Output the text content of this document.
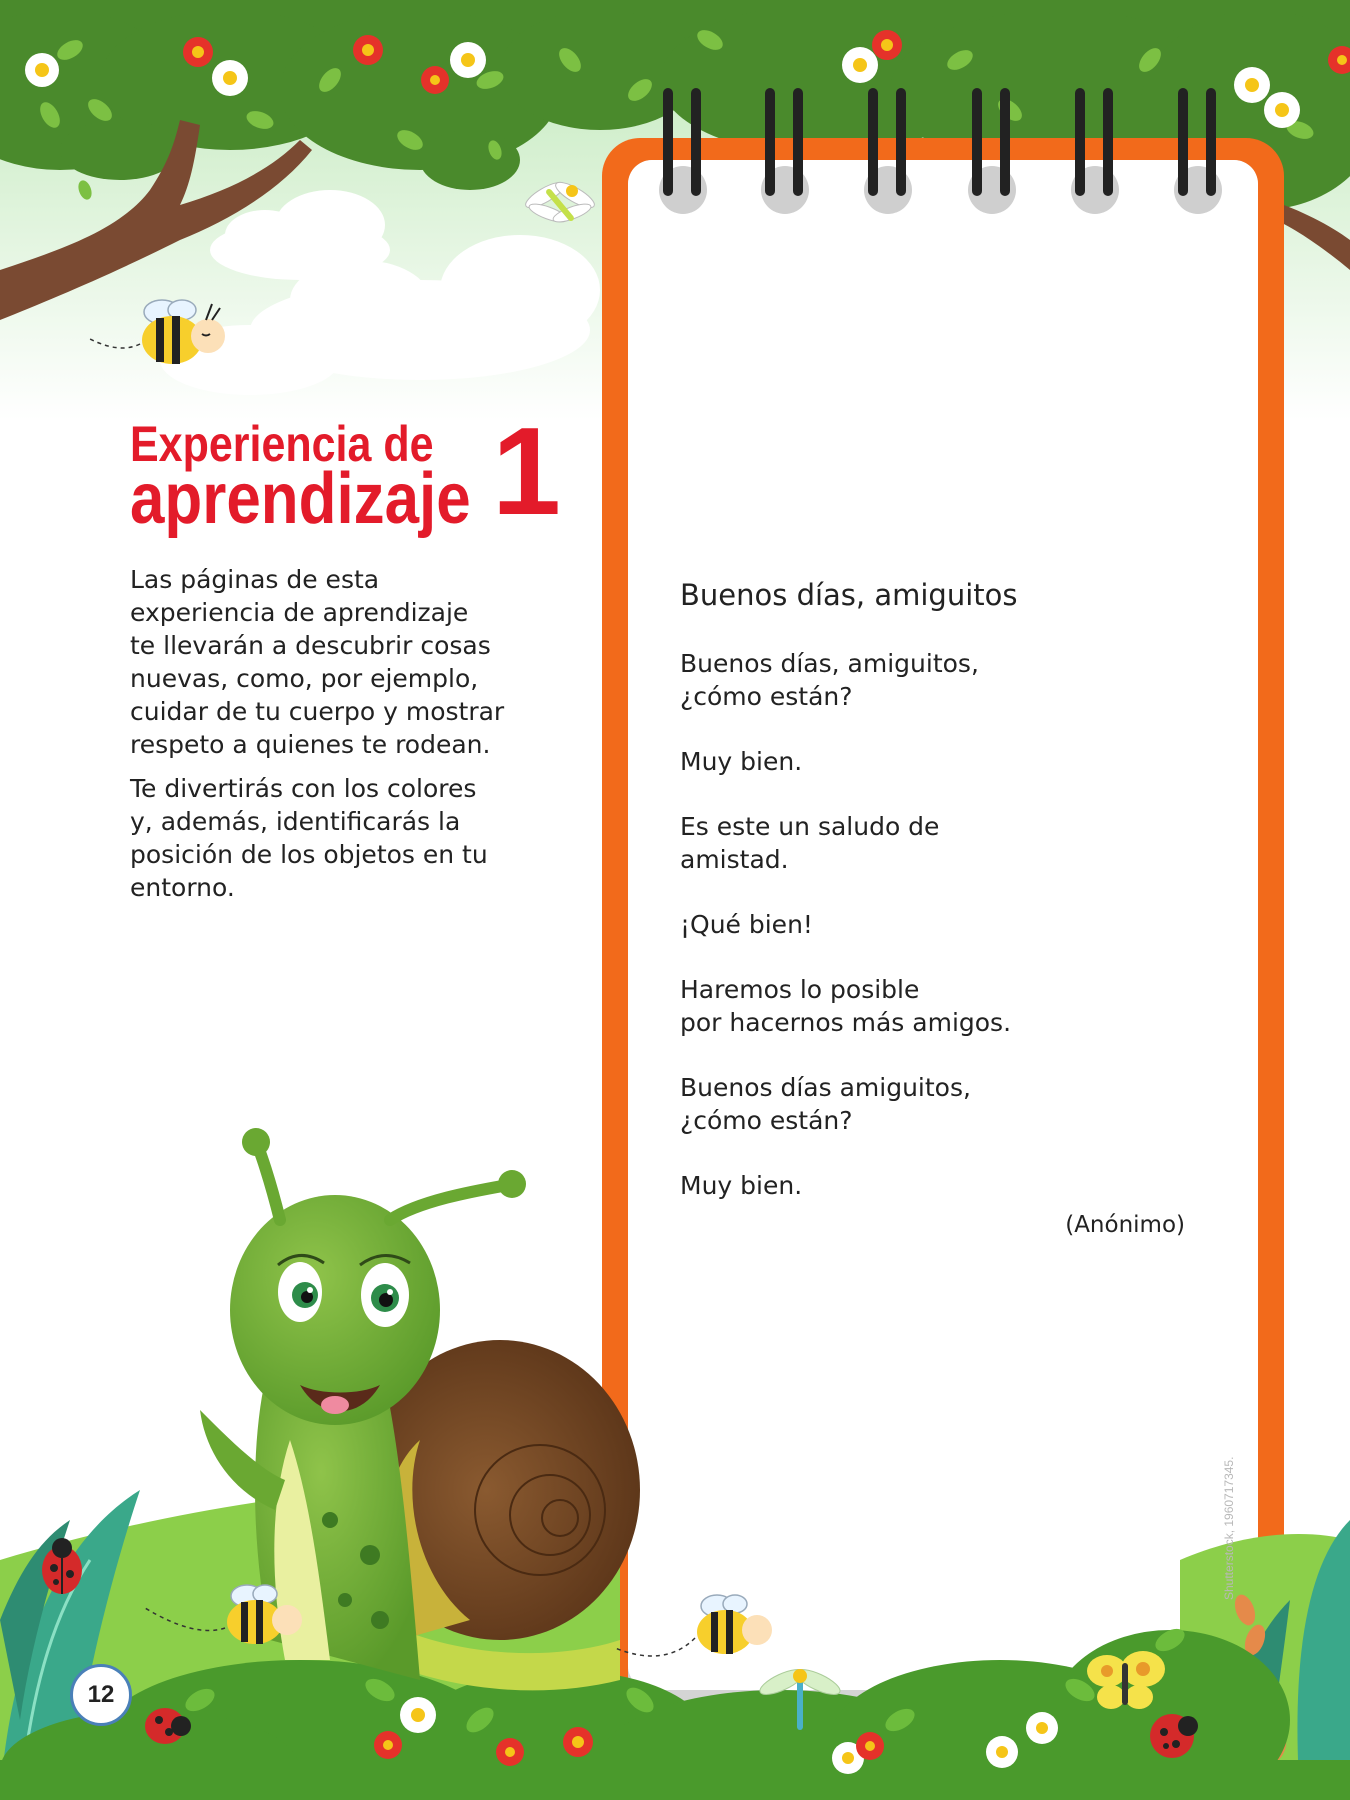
Experiencia de
aprendizaje 1
Las páginas de esta
experiencia de aprendizaje
te llevarán a descubrir cosas
nuevas, como, por ejemplo,
cuidar de tu cuerpo y mostrar
respeto a quienes te rodean.
Te divertirás con los colores
y, además, identificarás la
posición de los objetos en tu
entorno.
Buenos días, amiguitos
Buenos días, amiguitos,
¿cómo están?
Muy bien.
Es este un saludo de
amistad.
¡Qué bien!
Haremos lo posible
por hacernos más amigos.
Buenos días amiguitos,
¿cómo están?
Muy bien.
(Anónimo)
Shutterstock, 1960717345.
12
